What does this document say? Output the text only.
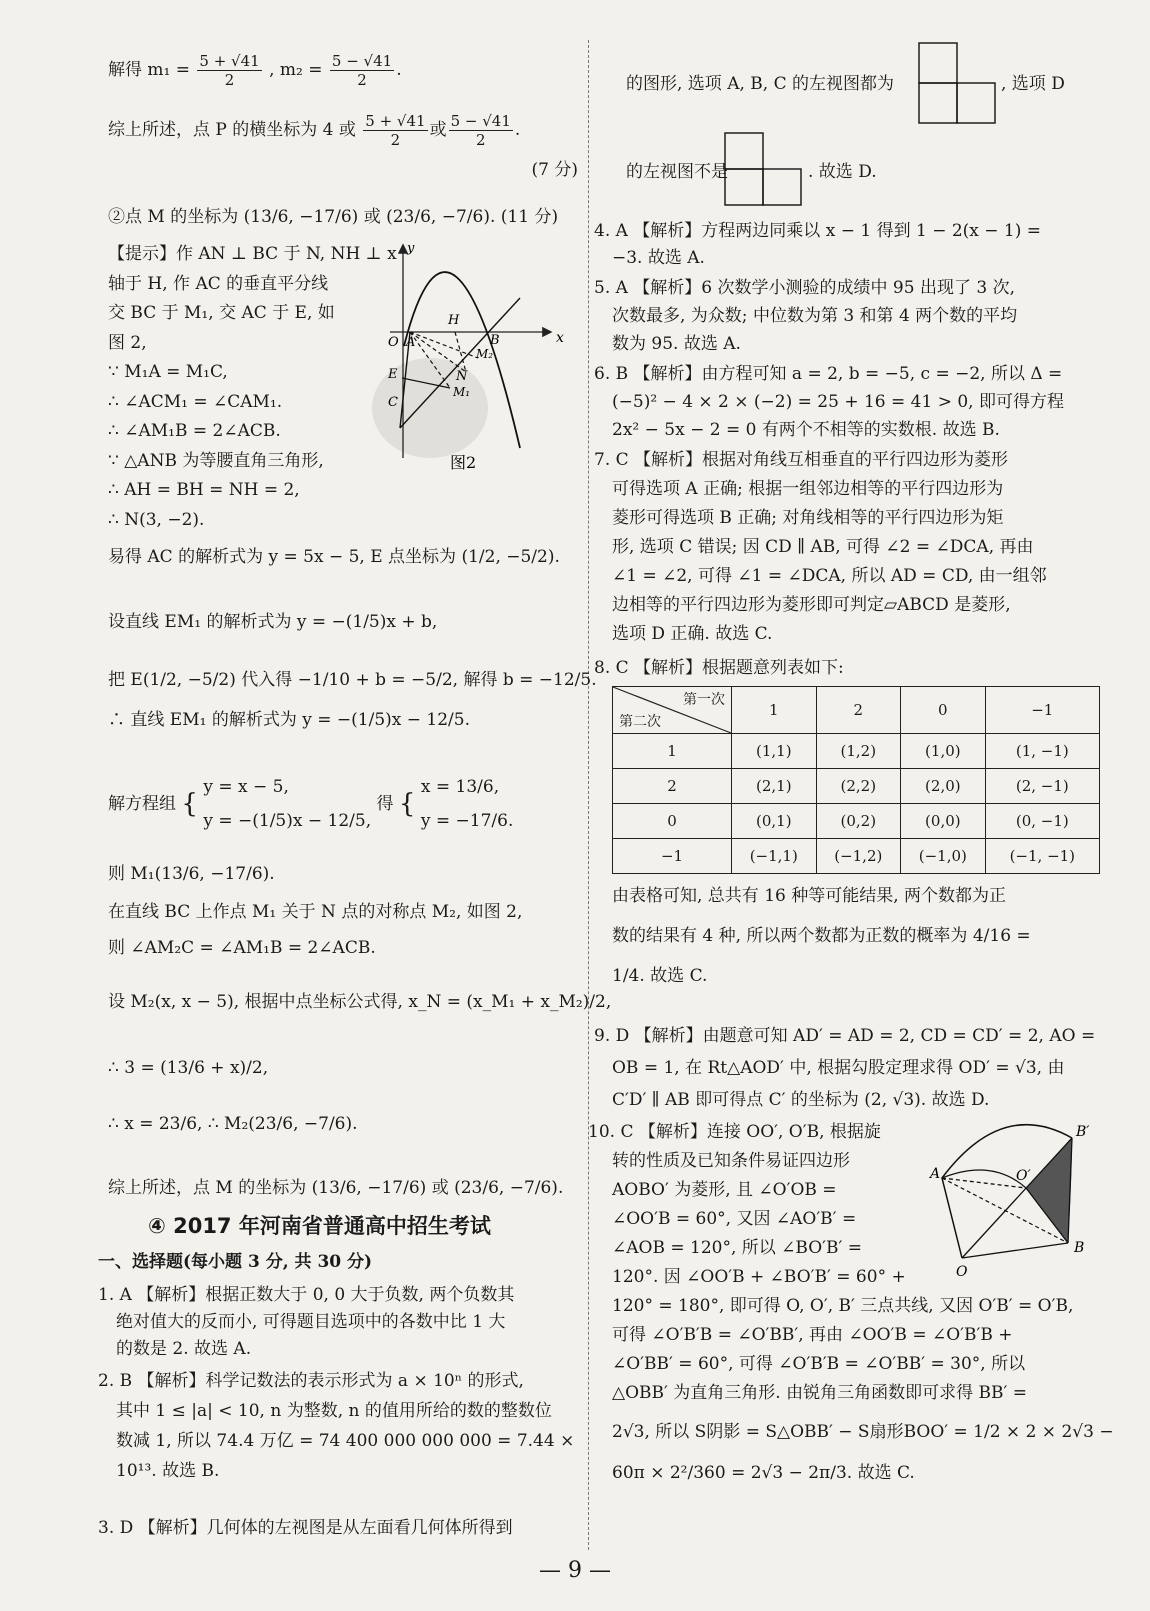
解得 $m_1 = \frac{5 + √41}{2}$ , $m_2 = \frac{5 - √41}{2}$ .
综上所述，点 P 的横坐标为 4 或 $\frac{5 + √41}{2}$ 或 $\frac{5 - √41}{2}$ .
(7 分)
②点 M 的坐标为 (13/6, −17/6) 或 (23/6, −7/6). (11 分)
【提示】作 AN ⊥ BC 于 N, NH ⊥ x
轴于 H, 作 AC 的垂直平分线
交 BC 于 M₁, 交 AC 于 E, 如
图 2,
∵ M₁A = M₁C,
∴ ∠ACM₁ = ∠CAM₁.
∴ ∠AM₁B = 2∠ACB.
∵ △ANB 为等腰直角三角形,
∴ AH = BH = NH = 2,
∴ N(3, −2).
易得 AC 的解析式为 y = 5x − 5, E 点坐标为 (1/2, −5/2).
设直线 EM₁ 的解析式为 y = −(1/5)x + b,
把 E(1/2, −5/2) 代入得 −1/10 + b = −5/2, 解得 b = −12/5.
∴ 直线 EM₁ 的解析式为 y = −(1/5)x − 12/5.
解方程组 {
y = x − 5,
y = −(1/5)x − 12/5,
得 {
x = 13/6,
y = −17/6.
则 M₁(13/6, −17/6).
在直线 BC 上作点 M₁ 关于 N 点的对称点 M₂, 如图 2,
则 ∠AM₂C = ∠AM₁B = 2∠ACB.
设 M₂(x, x − 5), 根据中点坐标公式得, x_N = (x_M₁ + x_M₂)/2,
∴ 3 = (13/6 + x)/2,
∴ x = 23/6, ∴ M₂(23/6, −7/6).
综上所述，点 M 的坐标为 (13/6, −17/6) 或 (23/6, −7/6).
④ 2017 年河南省普通高中招生考试
一、选择题(每小题 3 分, 共 30 分)
1. A 【解析】根据正数大于 0, 0 大于负数, 两个负数其
绝对值大的反而小, 可得题目选项中的各数中比 1 大
的数是 2. 故选 A.
2. B 【解析】科学记数法的表示形式为 a × 10ⁿ 的形式,
其中 1 ≤ |a| < 10, n 为整数, n 的值用所给的数的整数位
数减 1, 所以 74.4 万亿 = 74 400 000 000 000 = 7.44 ×
10¹³. 故选 B.
3. D 【解析】几何体的左视图是从左面看几何体所得到
y
x
O A
H
B
N
M₁
M₂
E
C
图2
的图形, 选项 A, B, C 的左视图都为	, 选项 D
的左视图不是	. 故选 D.
4. A 【解析】方程两边同乘以 x − 1 得到 1 − 2(x − 1) =
−3. 故选 A.
5. A 【解析】6 次数学小测验的成绩中 95 出现了 3 次,
次数最多, 为众数; 中位数为第 3 和第 4 两个数的平均
数为 95. 故选 A.
6. B 【解析】由方程可知 a = 2, b = −5, c = −2, 所以 Δ =
(−5)² − 4 × 2 × (−2) = 25 + 16 = 41 > 0, 即可得方程
2x² − 5x − 2 = 0 有两个不相等的实数根. 故选 B.
7. C 【解析】根据对角线互相垂直的平行四边形为菱形
可得选项 A 正确; 根据一组邻边相等的平行四边形为
菱形可得选项 B 正确; 对角线相等的平行四边形为矩
形, 选项 C 错误; 因 CD ∥ AB, 可得 ∠2 = ∠DCA, 再由
∠1 = ∠2, 可得 ∠1 = ∠DCA, 所以 AD = CD, 由一组邻
边相等的平行四边形为菱形即可判定▱ABCD 是菱形,
选项 D 正确. 故选 C.
8. C 【解析】根据题意列表如下:
第一次
第二次	1	2	0	−1
1	(1,1)	(1,2)	(1,0)	(1, −1)
2	(2,1)	(2,2)	(2,0)	(2, −1)
0	(0,1)	(0,2)	(0,0)	(0, −1)
−1	(−1,1)	(−1,2)	(−1,0)	(−1, −1)
由表格可知, 总共有 16 种等可能结果, 两个数都为正
数的结果有 4 种, 所以两个数都为正数的概率为 4/16 =
1/4. 故选 C.
9. D 【解析】由题意可知 AD′ = AD = 2, CD = CD′ = 2, AO =
OB = 1, 在 Rt△AOD′ 中, 根据勾股定理求得 OD′ = √3, 由
C′D′ ∥ AB 即可得点 C′ 的坐标为 (2, √3). 故选 D.
10. C 【解析】连接 OO′, O′B, 根据旋
转的性质及已知条件易证四边形
AOBO′ 为菱形, 且 ∠O′OB =
∠OO′B = 60°, 又因 ∠AO′B′ =
∠AOB = 120°, 所以 ∠BO′B′ =
120°. 因 ∠OO′B + ∠BO′B′ = 60° +
120° = 180°, 即可得 O, O′, B′ 三点共线, 又因 O′B′ = O′B,
可得 ∠O′B′B = ∠O′BB′, 再由 ∠OO′B = ∠O′B′B +
∠O′BB′ = 60°, 可得 ∠O′B′B = ∠O′BB′ = 30°, 所以
△OBB′ 为直角三角形. 由锐角三角函数即可求得 BB′ =
2√3, 所以 S阴影 = S△OBB′ − S扇形BOO′ = 1/2 × 2 × 2√3 −
60π × 2²/360 = 2√3 − 2π/3. 故选 C.
B′
A	O′
O
B
— 9 —
